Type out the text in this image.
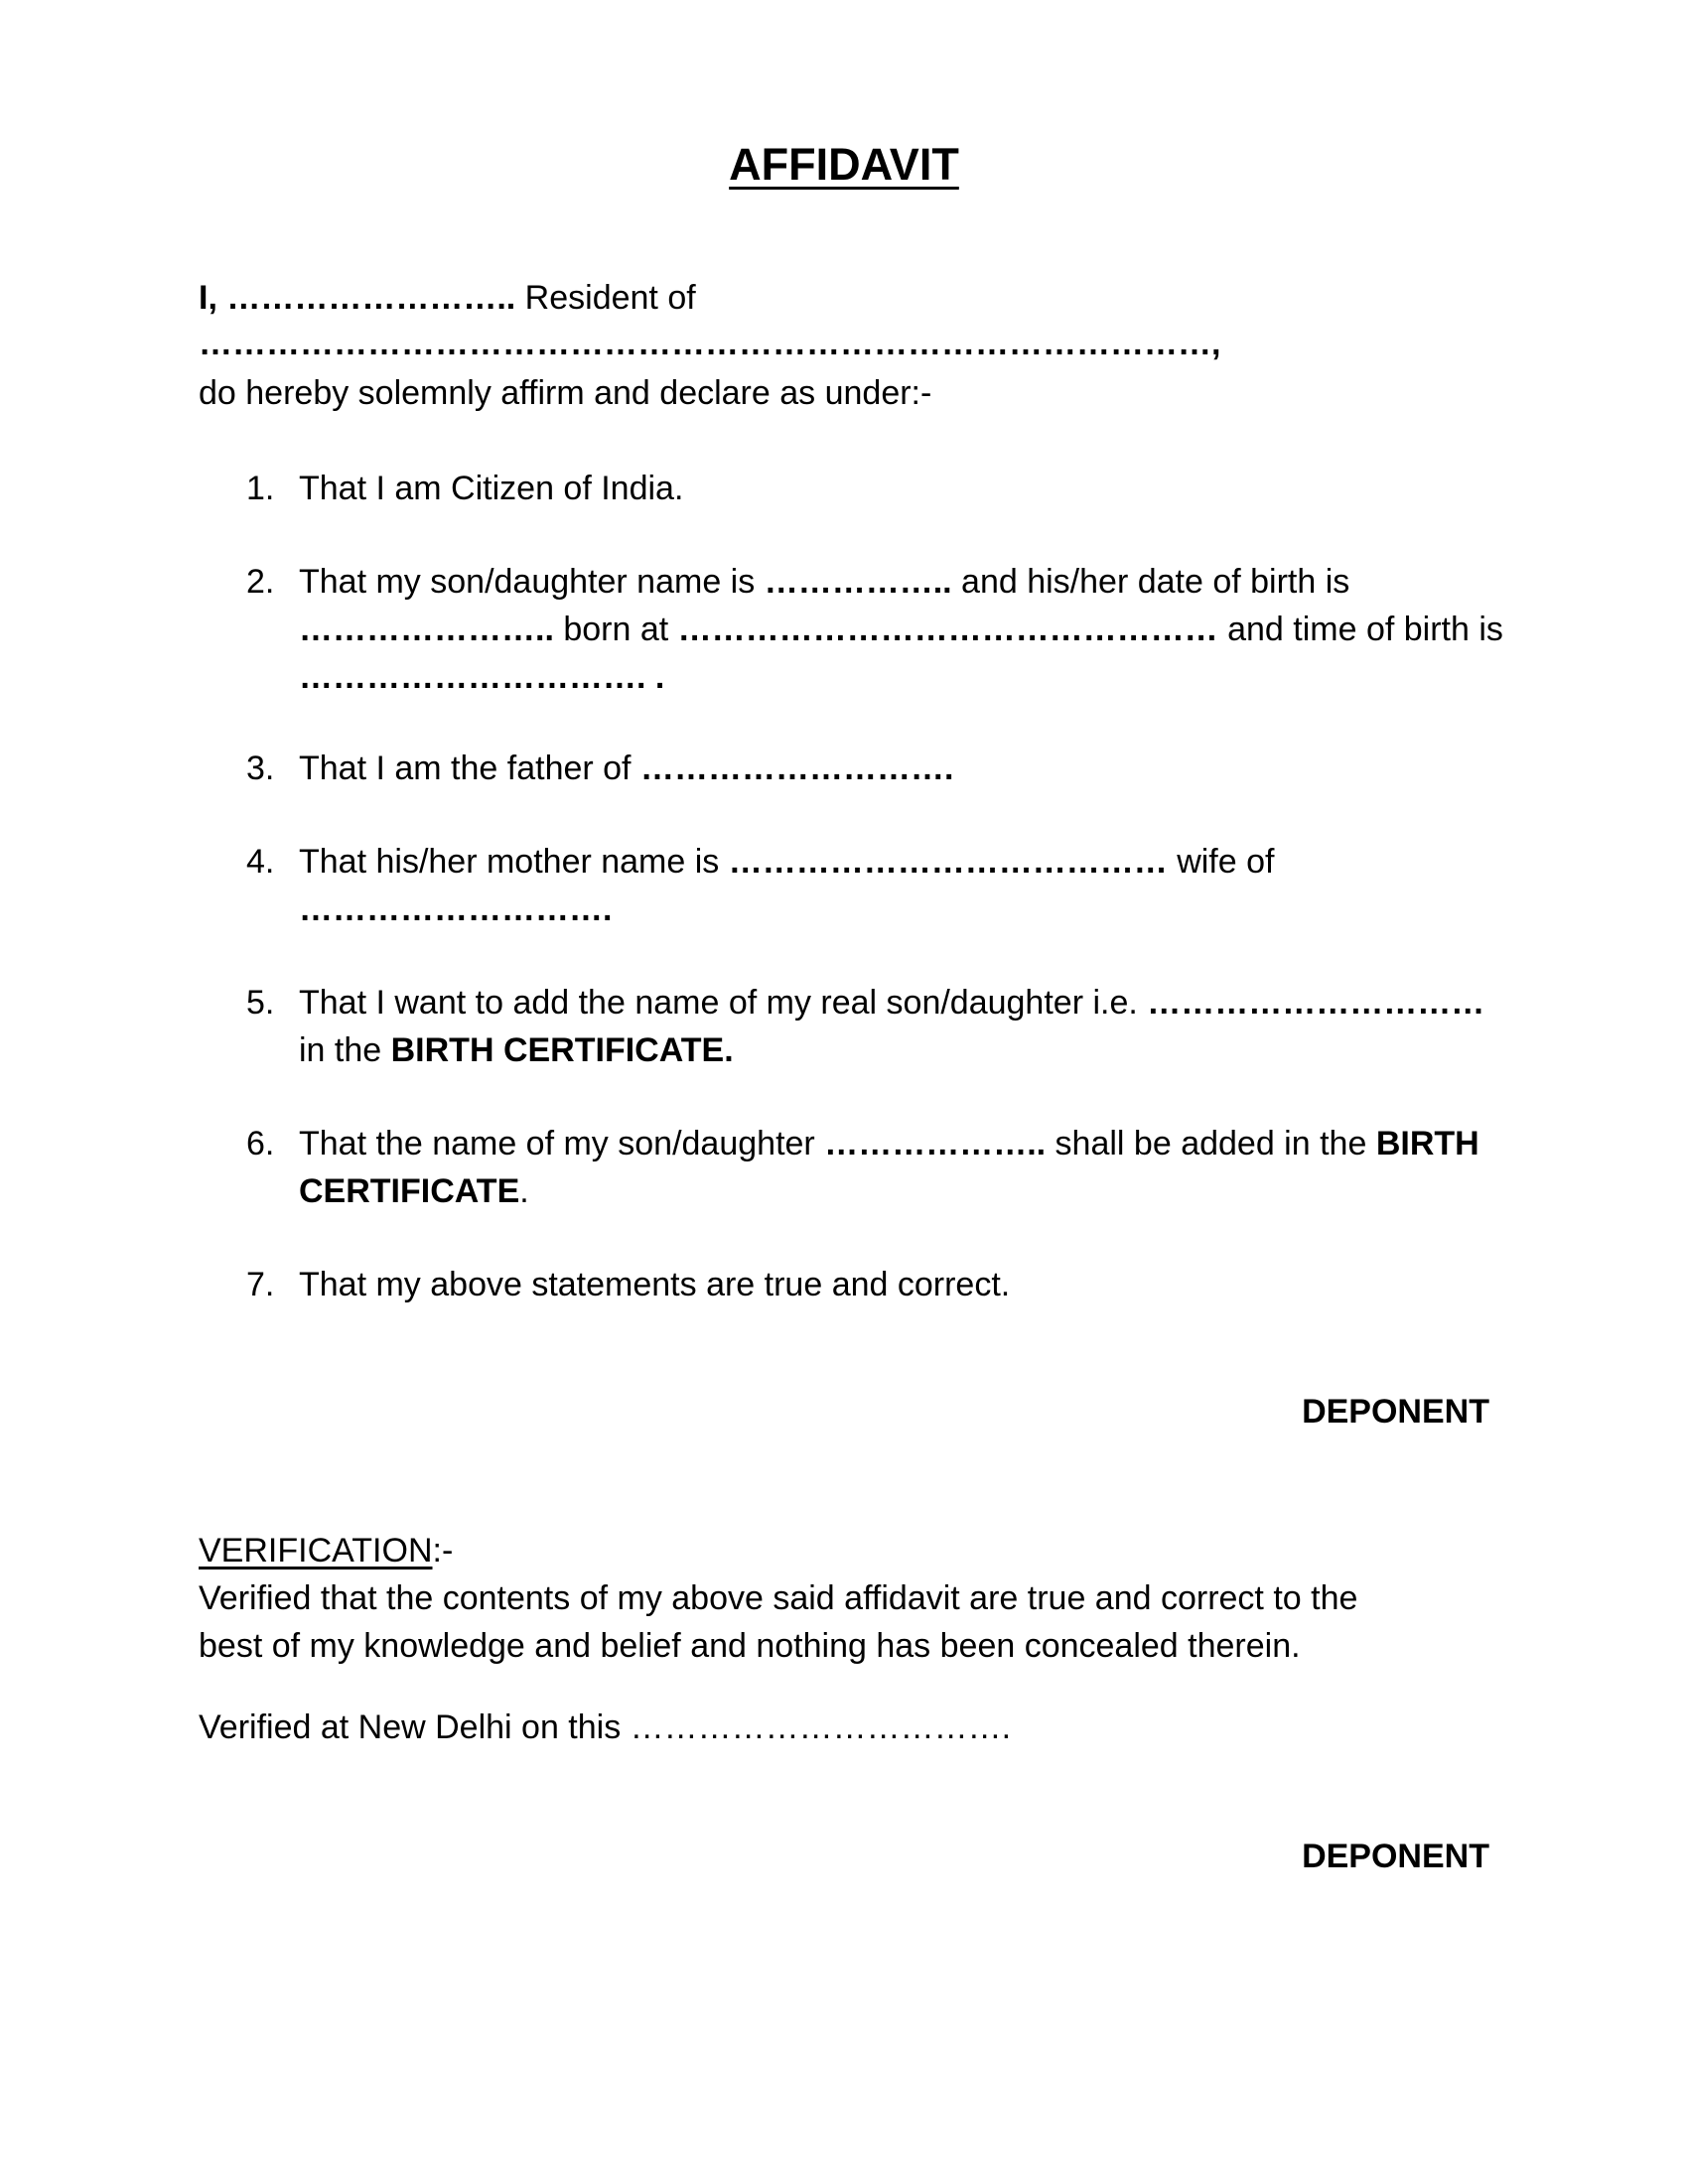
AFFIDAVIT
I, …………………….. Resident of
………………………………………………………………………………,
do hereby solemnly affirm and declare as under:-
1. That I am Citizen of India.
2. That my son/daughter name is …………….. and his/her date of birth is
………………….. born at ………………………………………… and time of birth is
…………………………. .
3. That I am the father of ……………………….
4. That his/her mother name is ………………………………… wife of
……………………….
5. That I want to add the name of my real son/daughter i.e. …………………………
in the BIRTH CERTIFICATE.
6. That the name of my son/daughter ……………….. shall be added in the BIRTH
CERTIFICATE.
7. That my above statements are true and correct.
DEPONENT
VERIFICATION:-
Verified that the contents of my above said affidavit are true and correct to the
best of my knowledge and belief and nothing has been concealed therein.
Verified at New Delhi on this …………………………….
DEPONENT
